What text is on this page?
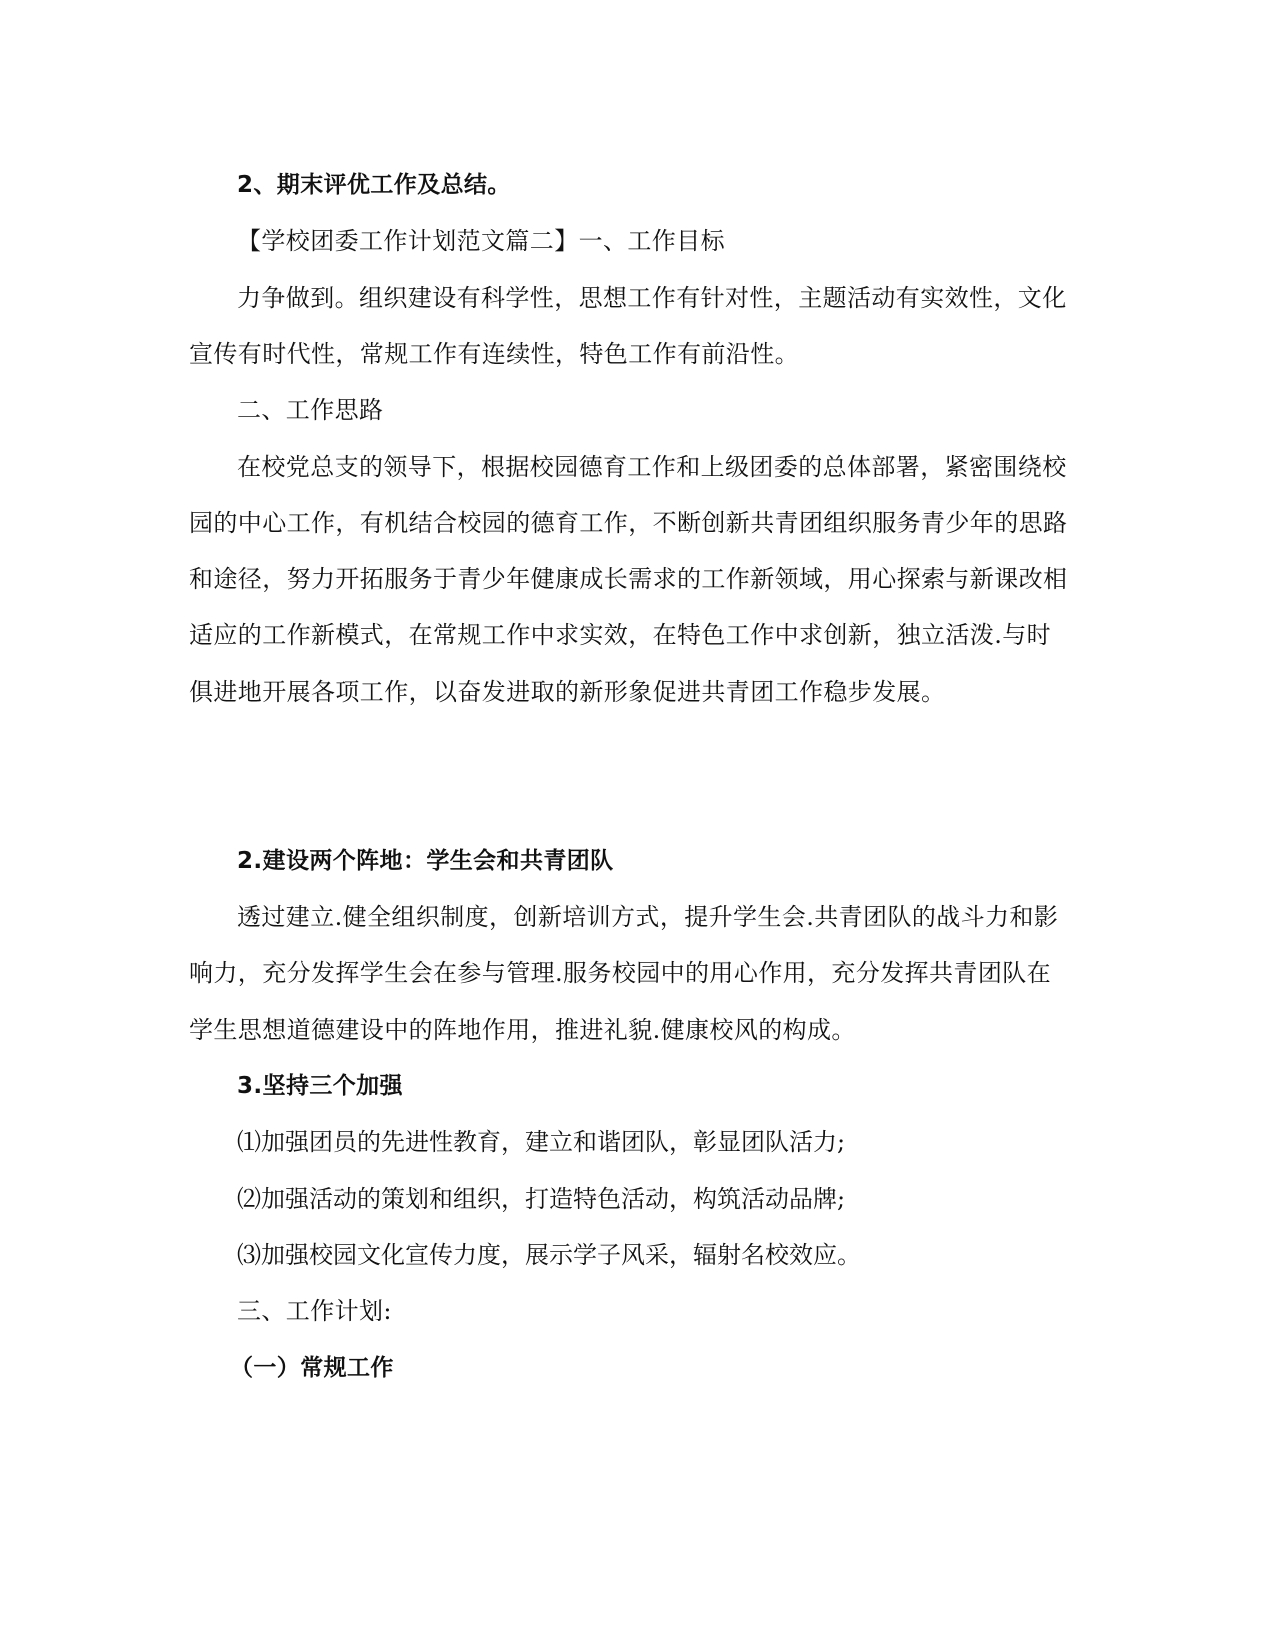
2、期末评优工作及总结。
【学校团委工作计划范文篇二】一、工作目标
力争做到。组织建设有科学性，思想工作有针对性，主题活动有实效性，文化
宣传有时代性，常规工作有连续性，特色工作有前沿性。
二、工作思路
在校党总支的领导下，根据校园德育工作和上级团委的总体部署，紧密围绕校
园的中心工作，有机结合校园的德育工作，不断创新共青团组织服务青少年的思路
和途径，努力开拓服务于青少年健康成长需求的工作新领域，用心探索与新课改相
适应的工作新模式，在常规工作中求实效，在特色工作中求创新，独立活泼.与时
俱进地开展各项工作，以奋发进取的新形象促进共青团工作稳步发展。
2.建设两个阵地：学生会和共青团队
透过建立.健全组织制度，创新培训方式，提升学生会.共青团队的战斗力和影
响力，充分发挥学生会在参与管理.服务校园中的用心作用，充分发挥共青团队在
学生思想道德建设中的阵地作用，推进礼貌.健康校风的构成。
3.坚持三个加强
⑴加强团员的先进性教育，建立和谐团队，彰显团队活力;
⑵加强活动的策划和组织，打造特色活动，构筑活动品牌;
⑶加强校园文化宣传力度，展示学子风采，辐射名校效应。
三、工作计划:
（一）常规工作
